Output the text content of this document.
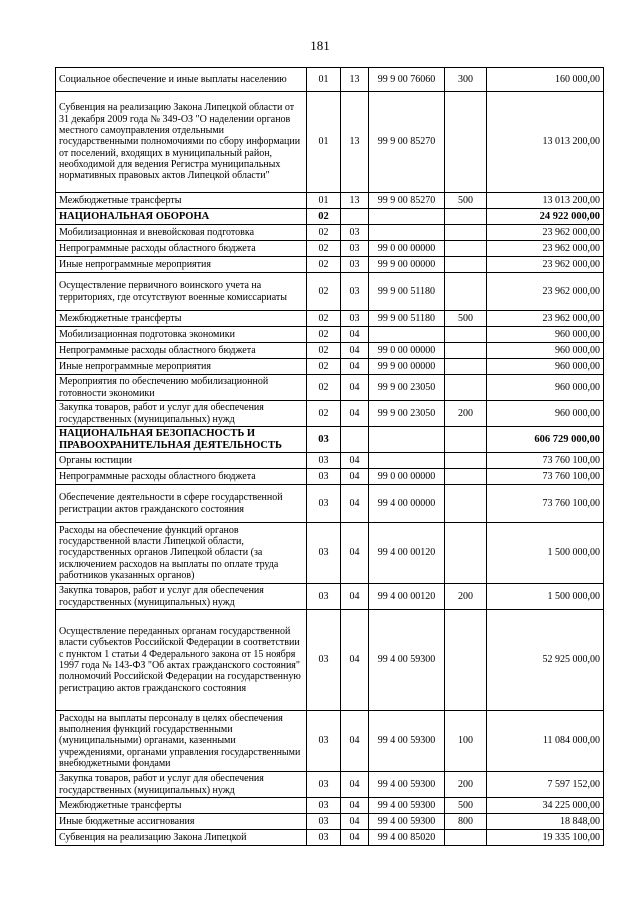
181
Социальное обеспечение и иные выплаты населению	01	13	99 9 00 76060	300	160 000,00
Субвенция на реализацию Закона Липецкой области от 31 декабря 2009 года № 349-ОЗ "О наделении органов местного самоуправления отдельными государственными полномочиями по сбору информации от поселений, входящих в муниципальный район, необходимой для ведения Регистра муниципальных нормативных правовых актов Липецкой области"	01	13	99 9 00 85270		13 013 200,00
Межбюджетные трансферты	01	13	99 9 00 85270	500	13 013 200,00
НАЦИОНАЛЬНАЯ ОБОРОНА	02				24 922 000,00
Мобилизационная и вневойсковая подготовка	02	03			23 962 000,00
Непрограммные расходы областного бюджета	02	03	99 0 00 00000		23 962 000,00
Иные непрограммные мероприятия	02	03	99 9 00 00000		23 962 000,00
Осуществление первичного воинского учета на территориях, где отсутствуют военные комиссариаты	02	03	99 9 00 51180		23 962 000,00
Межбюджетные трансферты	02	03	99 9 00 51180	500	23 962 000,00
Мобилизационная подготовка экономики	02	04			960 000,00
Непрограммные расходы областного бюджета	02	04	99 0 00 00000		960 000,00
Иные непрограммные мероприятия	02	04	99 9 00 00000		960 000,00
Мероприятия по обеспечению мобилизационной готовности экономики	02	04	99 9 00 23050		960 000,00
Закупка товаров, работ и услуг для обеспечения государственных (муниципальных) нужд	02	04	99 9 00 23050	200	960 000,00
НАЦИОНАЛЬНАЯ БЕЗОПАСНОСТЬ И ПРАВООХРАНИТЕЛЬНАЯ ДЕЯТЕЛЬНОСТЬ	03				606 729 000,00
Органы юстиции	03	04			73 760 100,00
Непрограммные расходы областного бюджета	03	04	99 0 00 00000		73 760 100,00
Обеспечение деятельности в сфере государственной регистрации актов гражданского состояния	03	04	99 4 00 00000		73 760 100,00
Расходы на обеспечение функций органов государственной власти Липецкой области, государственных органов Липецкой области (за исключением расходов на выплаты по оплате труда работников указанных органов)	03	04	99 4 00 00120		1 500 000,00
Закупка товаров, работ и услуг для обеспечения государственных (муниципальных) нужд	03	04	99 4 00 00120	200	1 500 000,00
Осуществление переданных органам государственной власти субъектов Российской Федерации в соответствии с пунктом 1 статьи 4 Федерального закона от 15 ноября 1997 года № 143-ФЗ "Об актах гражданского состояния" полномочий Российской Федерации на государственную регистрацию актов гражданского состояния	03	04	99 4 00 59300		52 925 000,00
Расходы на выплаты персоналу в целях обеспечения выполнения функций государственными (муниципальными) органами, казенными учреждениями, органами управления государственными внебюджетными фондами	03	04	99 4 00 59300	100	11 084 000,00
Закупка товаров, работ и услуг для обеспечения государственных (муниципальных) нужд	03	04	99 4 00 59300	200	7 597 152,00
Межбюджетные трансферты	03	04	99 4 00 59300	500	34 225 000,00
Иные бюджетные ассигнования	03	04	99 4 00 59300	800	18 848,00
Субвенция на реализацию Закона Липецкой	03	04	99 4 00 85020		19 335 100,00
